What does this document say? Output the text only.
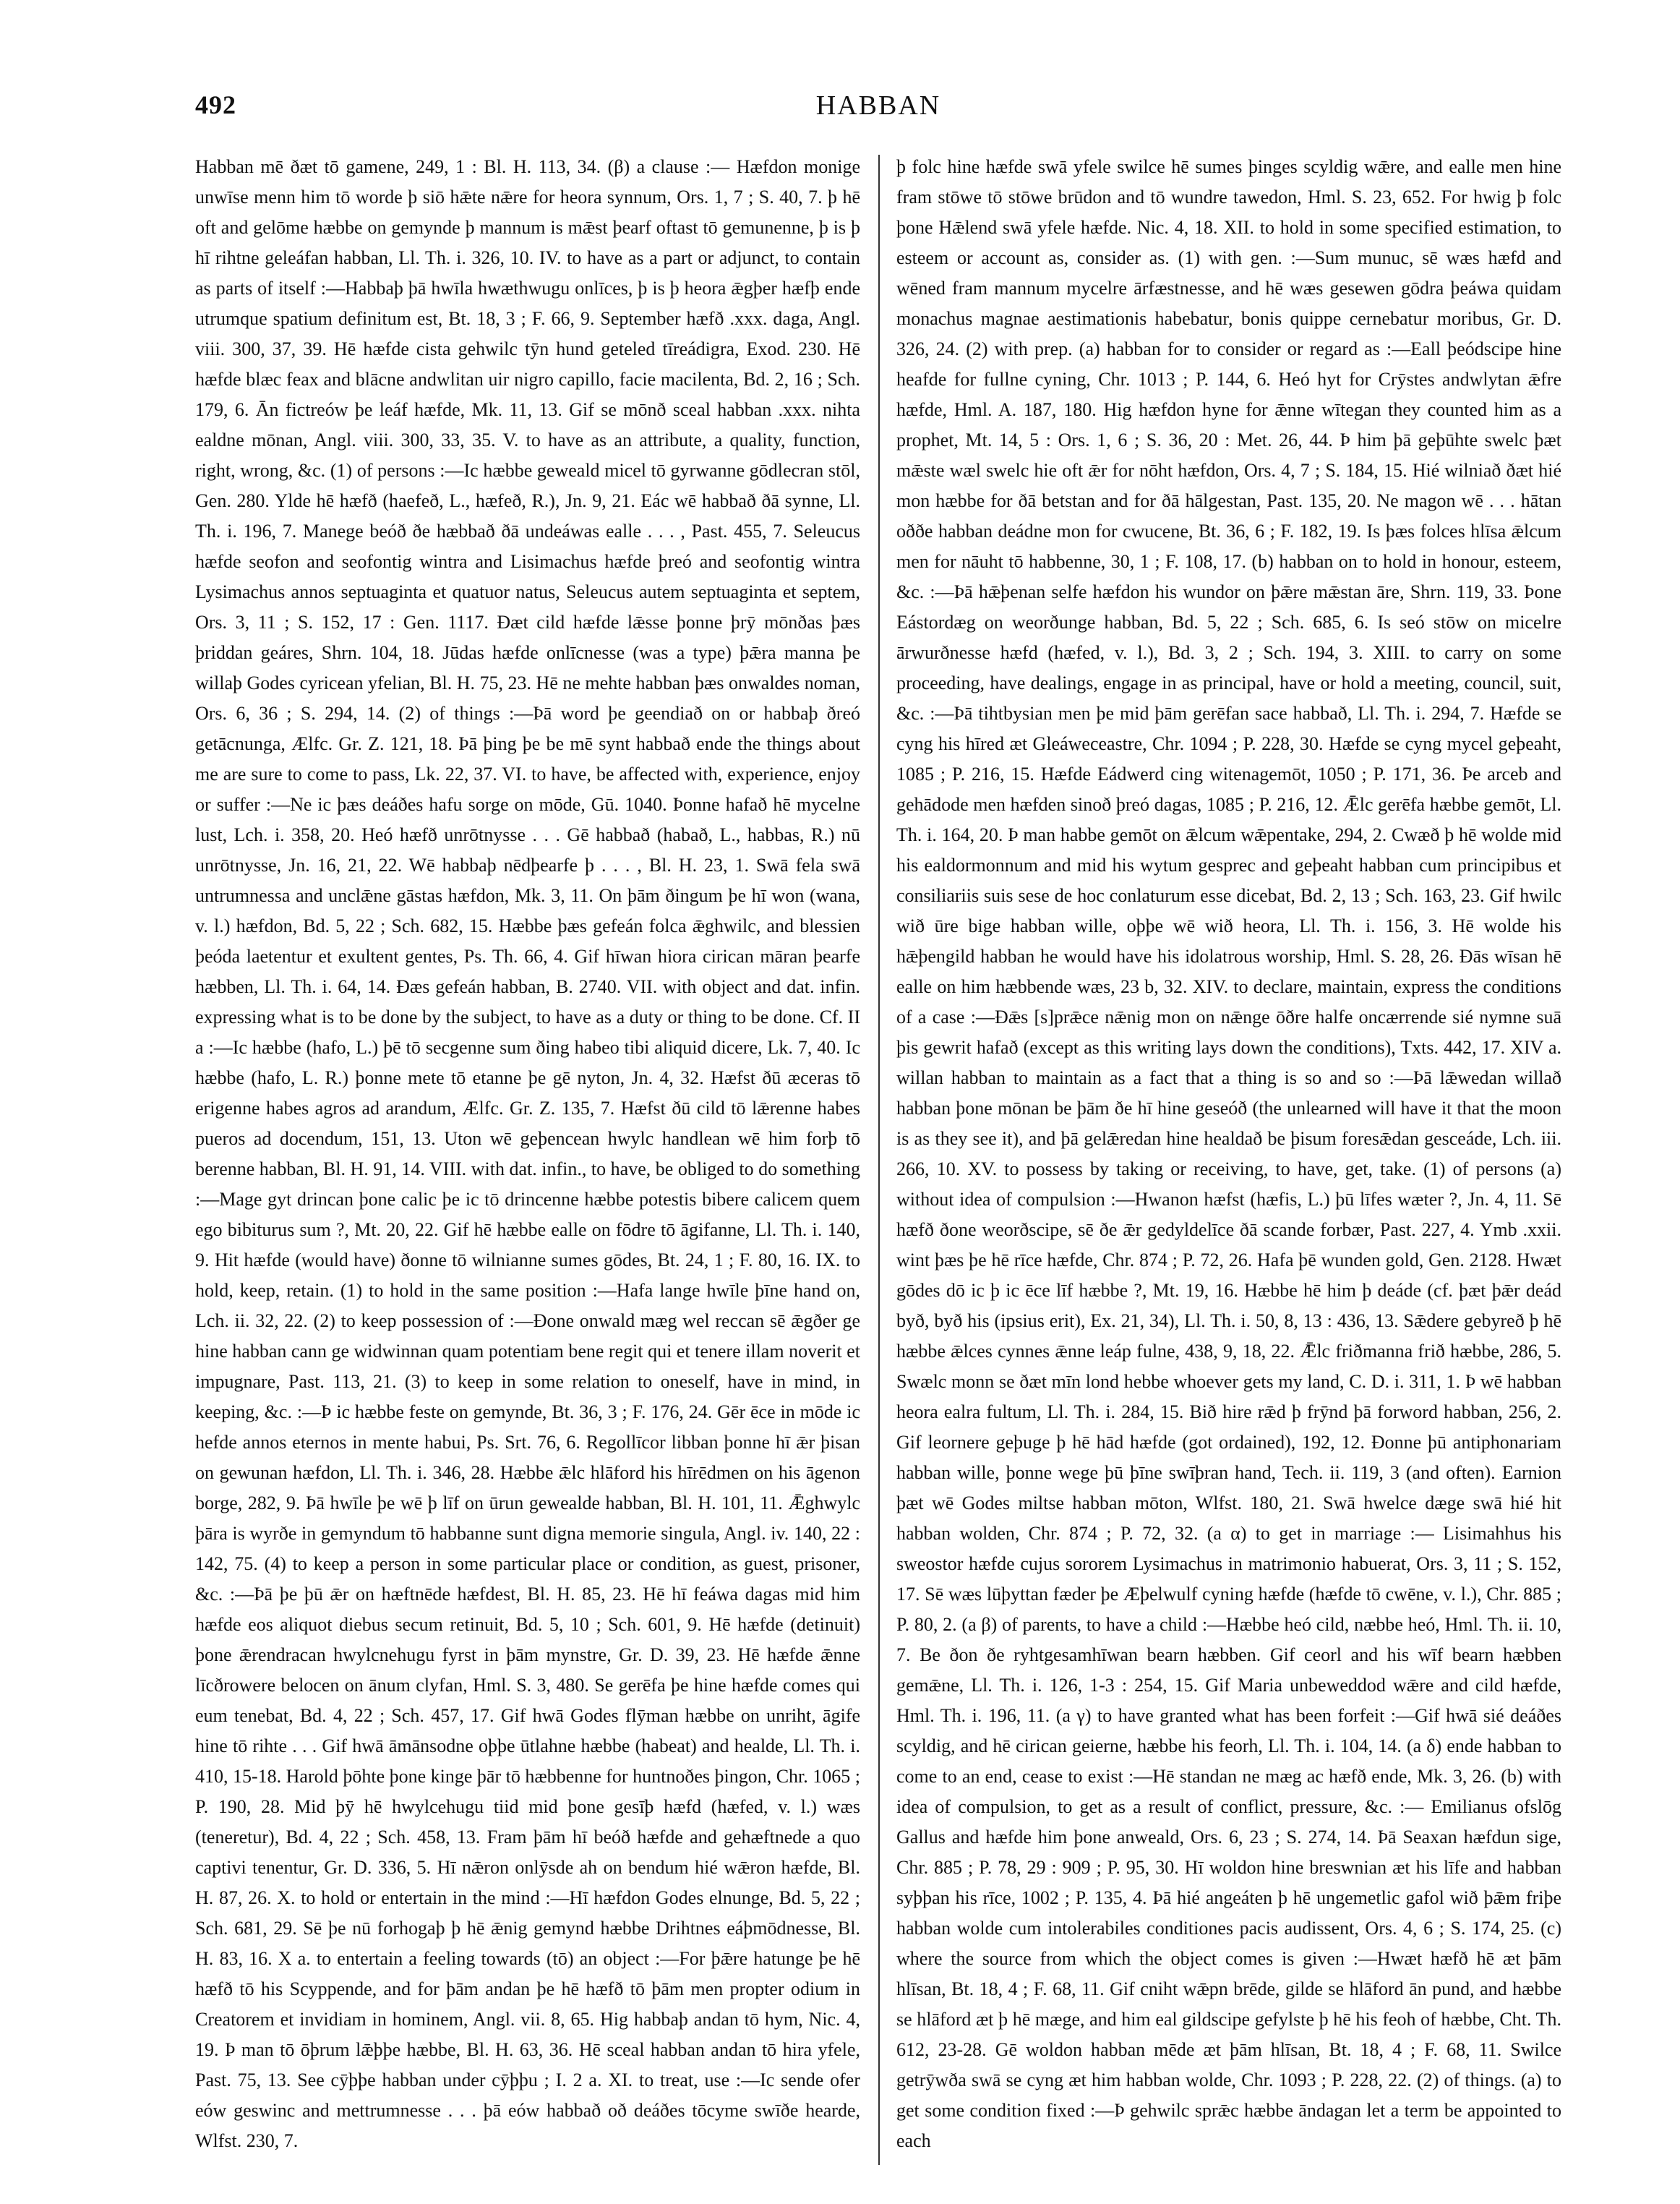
492	HABBAN

Habban mē ðæt tō gamene, 249, 1 : Bl. H. 113, 34. (β) a clause :— Hæfdon monige unwīse menn him tō worde þ siō hǣte nǣre for heora synnum, Ors. 1, 7 ; S. 40, 7. þ hē oft and gelōme hæbbe on gemynde þ mannum is mǣst þearf oftast tō gemunenne, þ is þ hī rihtne geleáfan habban, Ll. Th. i. 326, 10. IV. to have as a part or adjunct, to contain as parts of itself :—Habbaþ þā hwīla hwæthwugu onlīces, þ is þ heora ǣgþer hæfþ ende utrumque spatium definitum est, Bt. 18, 3 ; F. 66, 9. September hæfð .xxx. daga, Angl. viii. 300, 37, 39. Hē hæfde cista gehwilc tȳn hund geteled tīreádigra, Exod. 230. Hē hæfde blæc feax and blācne andwlitan uir nigro capillo, facie macilenta, Bd. 2, 16 ; Sch. 179, 6. Ān fictreów þe leáf hæfde, Mk. 11, 13. Gif se mōnð sceal habban .xxx. nihta ealdne mōnan, Angl. viii. 300, 33, 35. V. to have as an attribute, a quality, function, right, wrong, &c. (1) of persons :—Ic hæbbe geweald micel tō gyrwanne gōdlecran stōl, Gen. 280. Ylde hē hæfð (haefeð, L., hæfeð, R.), Jn. 9, 21. Eác wē habbað ðā synne, Ll. Th. i. 196, 7. Manege beóð ðe hæbbað ðā undeáwas ealle . . . , Past. 455, 7. Seleucus hæfde seofon and seofontig wintra and Lisimachus hæfde þreó and seofontig wintra Lysimachus annos septuaginta et quatuor natus, Seleucus autem septuaginta et septem, Ors. 3, 11 ; S. 152, 17 : Gen. 1117. Ðæt cild hæfde lǣsse þonne þrȳ mōnðas þæs þriddan geáres, Shrn. 104, 18. Jūdas hæfde onlīcnesse (was a type) þǣra manna þe willaþ Godes cyricean yfelian, Bl. H. 75, 23. Hē ne mehte habban þæs onwaldes noman, Ors. 6, 36 ; S. 294, 14. (2) of things :—Þā word þe geendiað on or habbaþ ðreó getācnunga, Ælfc. Gr. Z. 121, 18. Þā þing þe be mē synt habbað ende the things about me are sure to come to pass, Lk. 22, 37. VI. to have, be affected with, experience, enjoy or suffer :—Ne ic þæs deáðes hafu sorge on mōde, Gū. 1040. Þonne hafað hē mycelne lust, Lch. i. 358, 20. Heó hæfð unrōtnysse . . . Gē habbað (habað, L., habbas, R.) nū unrōtnysse, Jn. 16, 21, 22. Wē habbaþ nēdþearfe þ . . . , Bl. H. 23, 1. Swā fela swā untrumnessa and unclǣne gāstas hæfdon, Mk. 3, 11. On þām ðingum þe hī won (wana, v. l.) hæfdon, Bd. 5, 22 ; Sch. 682, 15. Hæbbe þæs gefeán folca ǣghwilc, and blessien þeóda laetentur et exultent gentes, Ps. Th. 66, 4. Gif hīwan hiora cirican māran þearfe hæbben, Ll. Th. i. 64, 14. Ðæs gefeán habban, B. 2740. VII. with object and dat. infin. expressing what is to be done by the subject, to have as a duty or thing to be done. Cf. II a :—Ic hæbbe (hafo, L.) þē tō secgenne sum ðing habeo tibi aliquid dicere, Lk. 7, 40. Ic hæbbe (hafo, L. R.) þonne mete tō etanne þe gē nyton, Jn. 4, 32. Hæfst ðū æceras tō erigenne habes agros ad arandum, Ælfc. Gr. Z. 135, 7. Hæfst ðū cild tō lǣrenne habes pueros ad docendum, 151, 13. Uton wē geþencean hwylc handlean wē him forþ tō berenne habban, Bl. H. 91, 14. VIII. with dat. infin., to have, be obliged to do something :—Mage gyt drincan þone calic þe ic tō drincenne hæbbe potestis bibere calicem quem ego bibiturus sum ?, Mt. 20, 22. Gif hē hæbbe ealle on fōdre tō āgifanne, Ll. Th. i. 140, 9. Hit hæfde (would have) ðonne tō wilnianne sumes gōdes, Bt. 24, 1 ; F. 80, 16. IX. to hold, keep, retain. (1) to hold in the same position :—Hafa lange hwīle þīne hand on, Lch. ii. 32, 22. (2) to keep possession of :—Ðone onwald mæg wel reccan sē ǣgðer ge hine habban cann ge widwinnan quam potentiam bene regit qui et tenere illam noverit et impugnare, Past. 113, 21. (3) to keep in some relation to oneself, have in mind, in keeping, &c. :—Þ ic hæbbe feste on gemynde, Bt. 36, 3 ; F. 176, 24. Gēr ēce in mōde ic hefde annos eternos in mente habui, Ps. Srt. 76, 6. Regollīcor libban þonne hī ǣr þisan on gewunan hæfdon, Ll. Th. i. 346, 28. Hæbbe ǣlc hlāford his hīrēdmen on his āgenon borge, 282, 9. Þā hwīle þe wē þ līf on ūrun gewealde habban, Bl. H. 101, 11. Ǣghwylc þāra is wyrðe in gemyndum tō habbanne sunt digna memorie singula, Angl. iv. 140, 22 : 142, 75. (4) to keep a person in some particular place or condition, as guest, prisoner, &c. :—Þā þe þū ǣr on hæftnēde hæfdest, Bl. H. 85, 23. Hē hī feáwa dagas mid him hæfde eos aliquot diebus secum retinuit, Bd. 5, 10 ; Sch. 601, 9. Hē hæfde (detinuit) þone ǣrendracan hwylcnehugu fyrst in þām mynstre, Gr. D. 39, 23. Hē hæfde ǣnne līcðrowere belocen on ānum clyfan, Hml. S. 3, 480. Se gerēfa þe hine hæfde comes qui eum tenebat, Bd. 4, 22 ; Sch. 457, 17. Gif hwā Godes flȳman hæbbe on unriht, āgife hine tō rihte . . . Gif hwā āmānsodne oþþe ūtlahne hæbbe (habeat) and healde, Ll. Th. i. 410, 15-18. Harold þōhte þone kinge þār tō hæbbenne for huntnoðes þingon, Chr. 1065 ; P. 190, 28. Mid þȳ hē hwylcehugu tiid mid þone gesīþ hæfd (hæfed, v. l.) wæs (teneretur), Bd. 4, 22 ; Sch. 458, 13. Fram þām hī beóð hæfde and gehæftnede a quo captivi tenentur, Gr. D. 336, 5. Hī nǣron onlȳsde ah on bendum hié wǣron hæfde, Bl. H. 87, 26. X. to hold or entertain in the mind :—Hī hæfdon Godes elnunge, Bd. 5, 22 ; Sch. 681, 29. Sē þe nū forhogaþ þ hē ǣnig gemynd hæbbe Drihtnes eáþmōdnesse, Bl. H. 83, 16. X a. to entertain a feeling towards (tō) an object :—For þǣre hatunge þe hē hæfð tō his Scyppende, and for þām andan þe hē hæfð tō þām men propter odium in Creatorem et invidiam in hominem, Angl. vii. 8, 65. Hig habbaþ andan tō hym, Nic. 4, 19. Þ man tō ōþrum lǣþþe hæbbe, Bl. H. 63, 36. Hē sceal habban andan tō hira yfele, Past. 75, 13. See cȳþþe habban under cȳþþu ; I. 2 a. XI. to treat, use :—Ic sende ofer eów geswinc and mettrumnesse . . . þā eów habbað oð deáðes tōcyme swīðe hearde, Wlfst. 230, 7.

þ folc hine hæfde swā yfele swilce hē sumes þinges scyldig wǣre, and ealle men hine fram stōwe tō stōwe brūdon and tō wundre tawedon, Hml. S. 23, 652. For hwig þ folc þone Hǣlend swā yfele hæfde. Nic. 4, 18. XII. to hold in some specified estimation, to esteem or account as, consider as. (1) with gen. :—Sum munuc, sē wæs hæfd and wēned fram mannum mycelre ārfæstnesse, and hē wæs gesewen gōdra þeáwa quidam monachus magnae aestimationis habebatur, bonis quippe cernebatur moribus, Gr. D. 326, 24. (2) with prep. (a) habban for to consider or regard as :—Eall þeódscipe hine heafde for fullne cyning, Chr. 1013 ; P. 144, 6. Heó hyt for Crȳstes andwlytan ǣfre hæfde, Hml. A. 187, 180. Hig hæfdon hyne for ǣnne wītegan they counted him as a prophet, Mt. 14, 5 : Ors. 1, 6 ; S. 36, 20 : Met. 26, 44. Þ him þā geþūhte swelc þæt mǣste wæl swelc hie oft ǣr for nōht hæfdon, Ors. 4, 7 ; S. 184, 15. Hié wilniað ðæt hié mon hæbbe for ðā betstan and for ðā hālgestan, Past. 135, 20. Ne magon wē . . . hātan oððe habban deádne mon for cwucene, Bt. 36, 6 ; F. 182, 19. Is þæs folces hlīsa ǣlcum men for nāuht tō habbenne, 30, 1 ; F. 108, 17. (b) habban on to hold in honour, esteem, &c. :—Þā hǣþenan selfe hæfdon his wundor on þǣre mǣstan āre, Shrn. 119, 33. Þone Eástordæg on weorðunge habban, Bd. 5, 22 ; Sch. 685, 6. Is seó stōw on micelre ārwurðnesse hæfd (hæfed, v. l.), Bd. 3, 2 ; Sch. 194, 3. XIII. to carry on some proceeding, have dealings, engage in as principal, have or hold a meeting, council, suit, &c. :—Þā tihtbysian men þe mid þām gerēfan sace habbað, Ll. Th. i. 294, 7. Hæfde se cyng his hīred æt Gleáweceastre, Chr. 1094 ; P. 228, 30. Hæfde se cyng mycel geþeaht, 1085 ; P. 216, 15. Hæfde Eádwerd cing witenagemōt, 1050 ; P. 171, 36. Þe arceb and gehādode men hæfden sinoð þreó dagas, 1085 ; P. 216, 12. Ǣlc gerēfa hæbbe gemōt, Ll. Th. i. 164, 20. Þ man habbe gemōt on ǣlcum wǣpentake, 294, 2. Cwæð þ hē wolde mid his ealdormonnum and mid his wytum gesprec and geþeaht habban cum principibus et consiliariis suis sese de hoc conlaturum esse dicebat, Bd. 2, 13 ; Sch. 163, 23. Gif hwilc wið ūre bige habban wille, oþþe wē wið heora, Ll. Th. i. 156, 3. Hē wolde his hǣþengild habban he would have his idolatrous worship, Hml. S. 28, 26. Ðās wīsan hē ealle on him hæbbende wæs, 23 b, 32. XIV. to declare, maintain, express the conditions of a case :—Ðǣs [s]prǣce nǣnig mon on nǣnge ōðre halfe oncærrende sié nymne suā þis gewrit hafað (except as this writing lays down the conditions), Txts. 442, 17. XIV a. willan habban to maintain as a fact that a thing is so and so :—Þā lǣwedan willað habban þone mōnan be þām ðe hī hine geseóð (the unlearned will have it that the moon is as they see it), and þā gelǣredan hine healdað be þisum foresǣdan gesceáde, Lch. iii. 266, 10. XV. to possess by taking or receiving, to have, get, take. (1) of persons (a) without idea of compulsion :—Hwanon hæfst (hæfis, L.) þū līfes wæter ?, Jn. 4, 11. Sē hæfð ðone weorðscipe, sē ðe ǣr gedyldelīce ðā scande forbær, Past. 227, 4. Ymb .xxii. wint þæs þe hē rīce hæfde, Chr. 874 ; P. 72, 26. Hafa þē wunden gold, Gen. 2128. Hwæt gōdes dō ic þ ic ēce līf hæbbe ?, Mt. 19, 16. Hæbbe hē him þ deáde (cf. þæt þǣr deád byð, byð his (ipsius erit), Ex. 21, 34), Ll. Th. i. 50, 8, 13 : 436, 13. Sǣdere gebyreð þ hē hæbbe ǣlces cynnes ǣnne leáp fulne, 438, 9, 18, 22. Ǣlc friðmanna frið hæbbe, 286, 5. Swælc monn se ðæt mīn lond hebbe whoever gets my land, C. D. i. 311, 1. Þ wē habban heora ealra fultum, Ll. Th. i. 284, 15. Bið hire rǣd þ frȳnd þā forword habban, 256, 2. Gif leornere geþuge þ hē hād hæfde (got ordained), 192, 12. Ðonne þū antiphonariam habban wille, þonne wege þū þīne swīþran hand, Tech. ii. 119, 3 (and often). Earnion þæt wē Godes miltse habban mōton, Wlfst. 180, 21. Swā hwelce dæge swā hié hit habban wolden, Chr. 874 ; P. 72, 32. (a α) to get in marriage :— Lisimahhus his sweostor hæfde cujus sororem Lysimachus in matrimonio habuerat, Ors. 3, 11 ; S. 152, 17. Sē wæs lūþyttan fæder þe Æþelwulf cyning hæfde (hæfde tō cwēne, v. l.), Chr. 885 ; P. 80, 2. (a β) of parents, to have a child :—Hæbbe heó cild, næbbe heó, Hml. Th. ii. 10, 7. Be ðon ðe ryhtgesamhīwan bearn hæbben. Gif ceorl and his wīf bearn hæbben gemǣne, Ll. Th. i. 126, 1-3 : 254, 15. Gif Maria unbeweddod wǣre and cild hæfde, Hml. Th. i. 196, 11. (a γ) to have granted what has been forfeit :—Gif hwā sié deáðes scyldig, and hē cirican geierne, hæbbe his feorh, Ll. Th. i. 104, 14. (a δ) ende habban to come to an end, cease to exist :—Hē standan ne mæg ac hæfð ende, Mk. 3, 26. (b) with idea of compulsion, to get as a result of conflict, pressure, &c. :— Emilianus ofslōg Gallus and hæfde him þone anweald, Ors. 6, 23 ; S. 274, 14. Þā Seaxan hæfdun sige, Chr. 885 ; P. 78, 29 : 909 ; P. 95, 30. Hī woldon hine breswnian æt his līfe and habban syþþan his rīce, 1002 ; P. 135, 4. Þā hié angeáten þ hē ungemetlic gafol wið þǣm friþe habban wolde cum intolerabiles conditiones pacis audissent, Ors. 4, 6 ; S. 174, 25. (c) where the source from which the object comes is given :—Hwæt hæfð hē æt þām hlīsan, Bt. 18, 4 ; F. 68, 11. Gif cniht wǣpn brēde, gilde se hlāford ān pund, and hæbbe se hlāford æt þ hē mæge, and him eal gildscipe gefylste þ hē his feoh of hæbbe, Cht. Th. 612, 23-28. Gē woldon habban mēde æt þām hlīsan, Bt. 18, 4 ; F. 68, 11. Swilce getrȳwða swā se cyng æt him habban wolde, Chr. 1093 ; P. 228, 22. (2) of things. (a) to get some condition fixed :—Þ gehwilc sprǣc hæbbe āndagan let a term be appointed to each
